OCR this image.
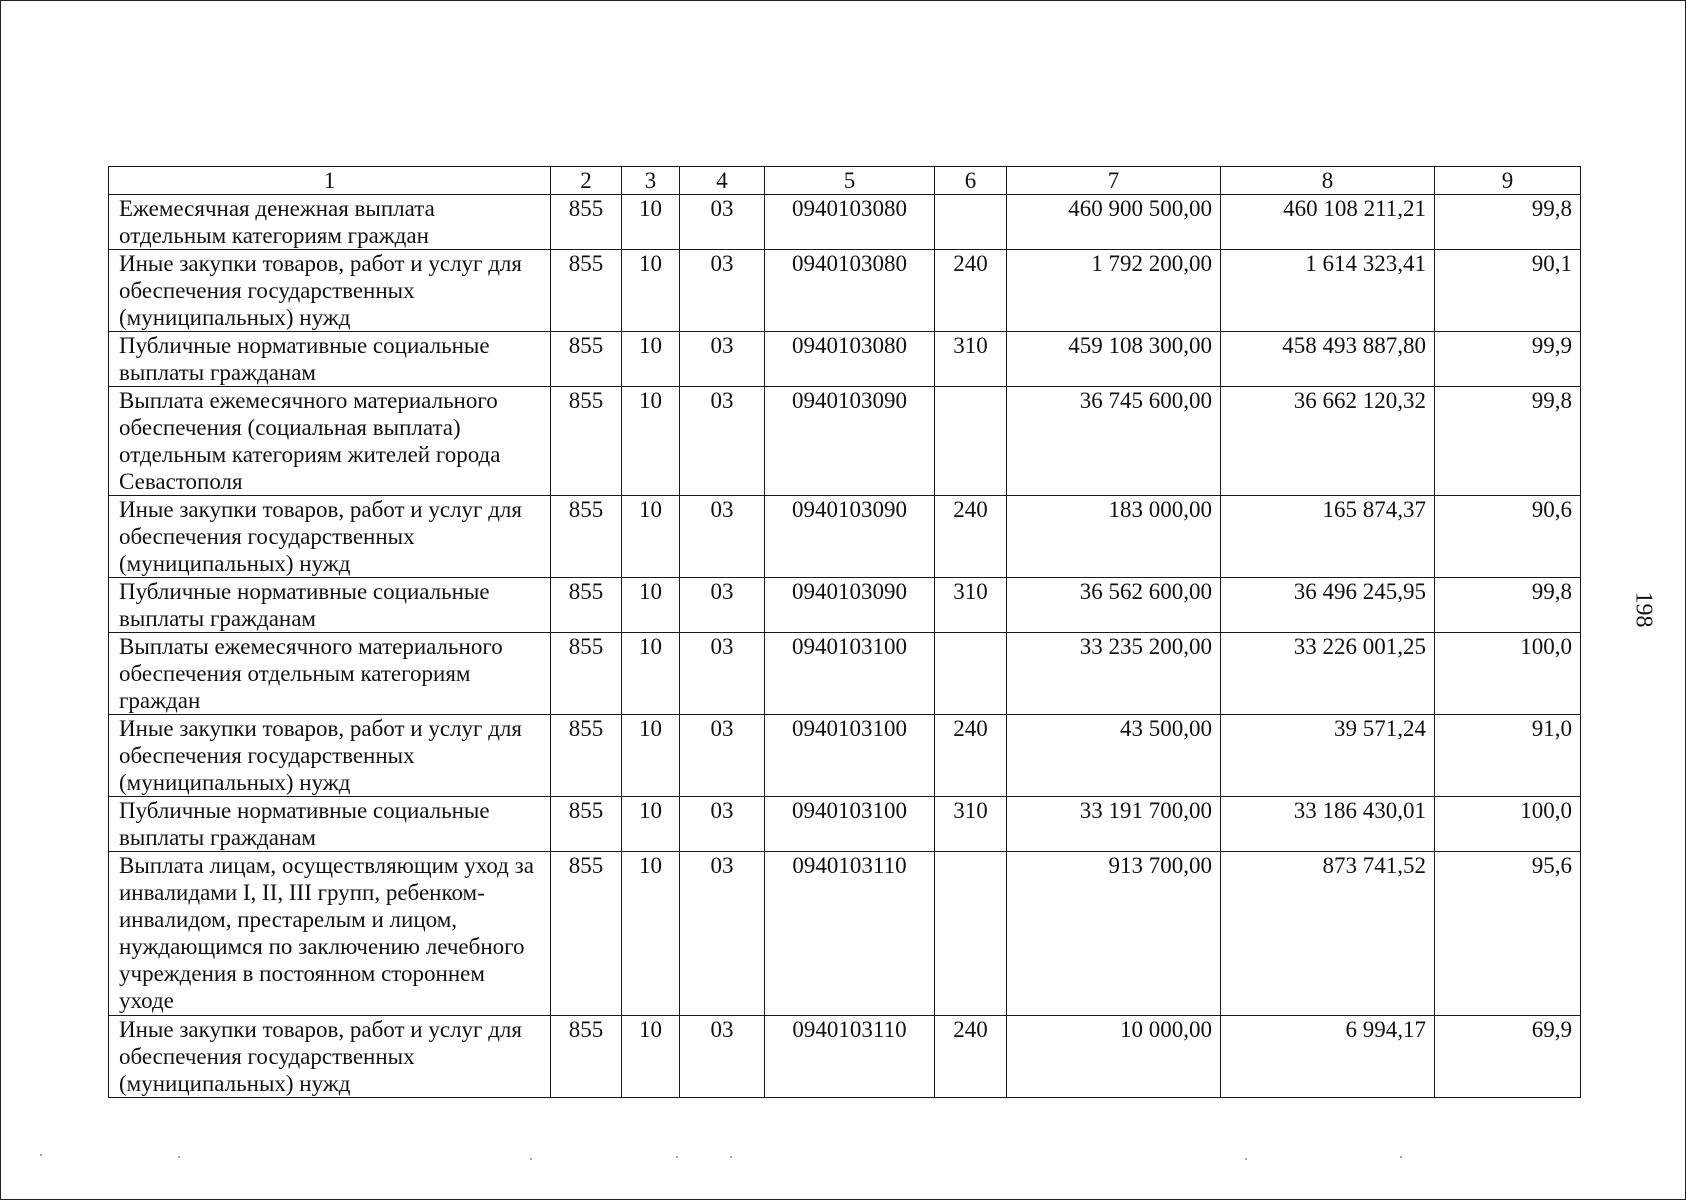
1	2	3	4	5	6	7	8	9
Ежемесячная денежная выплата отдельным категориям граждан	855	10	03	0940103080		460 900 500,00	460 108 211,21	99,8
Иные закупки товаров, работ и услуг для обеспечения государственных (муниципальных) нужд	855	10	03	0940103080	240	1 792 200,00	1 614 323,41	90,1
Публичные нормативные социальные выплаты гражданам	855	10	03	0940103080	310	459 108 300,00	458 493 887,80	99,9
Выплата ежемесячного материального обеспечения (социальная выплата) отдельным категориям жителей города Севастополя	855	10	03	0940103090		36 745 600,00	36 662 120,32	99,8
Иные закупки товаров, работ и услуг для обеспечения государственных (муниципальных) нужд	855	10	03	0940103090	240	183 000,00	165 874,37	90,6
Публичные нормативные социальные выплаты гражданам	855	10	03	0940103090	310	36 562 600,00	36 496 245,95	99,8
Выплаты ежемесячного материального обеспечения отдельным категориям граждан	855	10	03	0940103100		33 235 200,00	33 226 001,25	100,0
Иные закупки товаров, работ и услуг для обеспечения государственных (муниципальных) нужд	855	10	03	0940103100	240	43 500,00	39 571,24	91,0
Публичные нормативные социальные выплаты гражданам	855	10	03	0940103100	310	33 191 700,00	33 186 430,01	100,0
Выплата лицам, осуществляющим уход за инвалидами I, II, III групп, ребенком-инвалидом, престарелым и лицом, нуждающимся по заключению лечебного учреждения в постоянном стороннем уходе	855	10	03	0940103110		913 700,00	873 741,52	95,6
Иные закупки товаров, работ и услуг для обеспечения государственных (муниципальных) нужд	855	10	03	0940103110	240	10 000,00	6 994,17	69,9
198
